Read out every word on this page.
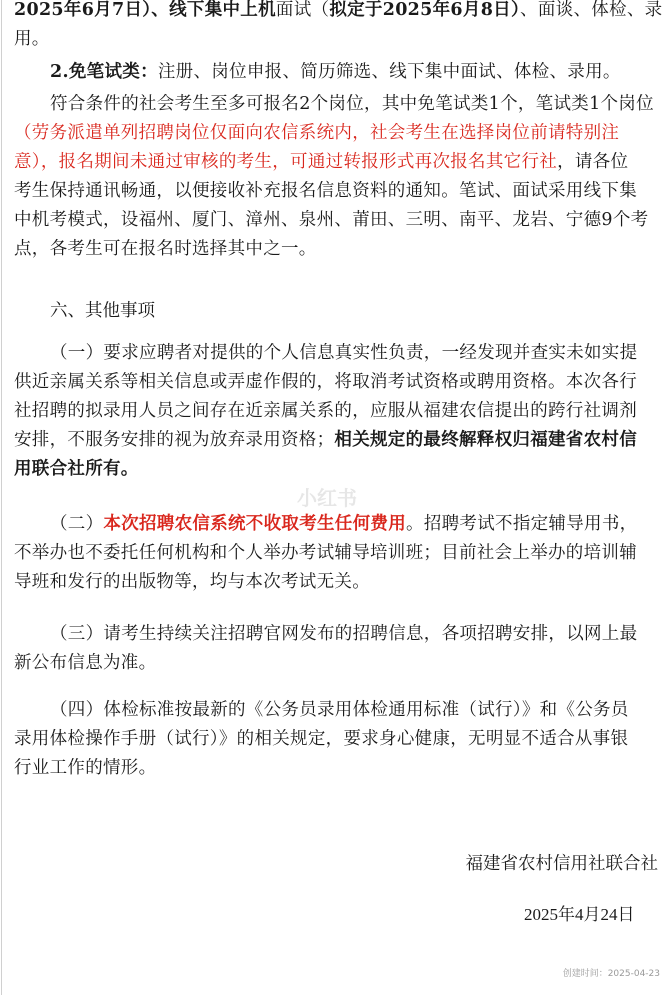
2025年6月7日）、线下集中上机面试（拟定于2025年6月8日）、面谈、体检、录
用。

2.免笔试类：注册、岗位申报、简历筛选、线下集中面试、体检、录用。

符合条件的社会考生至多可报名2个岗位，其中免笔试类1个，笔试类1个岗位
（劳务派遣单列招聘岗位仅面向农信系统内，社会考生在选择岗位前请特别注
意），报名期间未通过审核的考生，可通过转报形式再次报名其它行社，请各位
考生保持通讯畅通，以便接收补充报名信息资料的通知。笔试、面试采用线下集
中机考模式，设福州、厦门、漳州、泉州、莆田、三明、南平、龙岩、宁德9个考
点，各考生可在报名时选择其中之一。

六、其他事项

（一）要求应聘者对提供的个人信息真实性负责，一经发现并查实未如实提
供近亲属关系等相关信息或弄虚作假的，将取消考试资格或聘用资格。本次各行
社招聘的拟录用人员之间存在近亲属关系的，应服从福建农信提出的跨行社调剂
安排，不服务安排的视为放弃录用资格；相关规定的最终解释权归福建省农村信
用联合社所有。

（二）本次招聘农信系统不收取考生任何费用。招聘考试不指定辅导用书，
不举办也不委托任何机构和个人举办考试辅导培训班；目前社会上举办的培训辅
导班和发行的出版物等，均与本次考试无关。

（三）请考生持续关注招聘官网发布的招聘信息，各项招聘安排，以网上最
新公布信息为准。

（四）体检标准按最新的《公务员录用体检通用标准（试行）》和《公务员
录用体检操作手册（试行）》的相关规定，要求身心健康，无明显不适合从事银
行业工作的情形。

小红书
福建省农村信用社联合社
2025年4月24日
创建时间：2025-04-23
